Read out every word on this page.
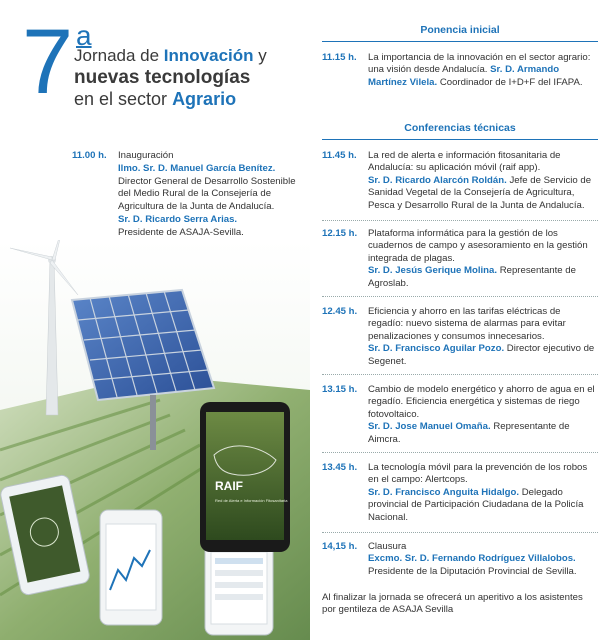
7 a
Jornada de Innovación y
nuevas tecnologías
en el sector Agrario
11.00 h. Inauguración
Ilmo. Sr. D. Manuel García Benítez.
Director General de Desarrollo Sostenible del Medio Rural de la Consejería de Agricultura de la Junta de Andalucía.
Sr. D. Ricardo Serra Arias.
Presidente de ASAJA-Sevilla.
RAIF
Red de Alerta e Información Fitosanitaria
Ponencia inicial
11.15 h. La importancia de la innovación en el sector agrario: una visión desde Andalucía. Sr. D. Armando Martínez Vilela. Coordinador de I+D+F del IFAPA.
Conferencias técnicas
11.45 h. La red de alerta e información fitosanitaria de Andalucía: su aplicación móvil (raif app).
Sr. D. Ricardo Alarcón Roldán. Jefe de Servicio de Sanidad Vegetal de la Consejería de Agricultura, Pesca y Desarrollo Rural de la Junta de Andalucía.
12.15 h. Plataforma informática para la gestión de los cuadernos de campo y asesoramiento en la gestión integrada de plagas.
Sr. D. Jesús Gerique Molina. Representante de Agroslab.
12.45 h. Eficiencia y ahorro en las tarifas eléctricas de regadío: nuevo sistema de alarmas para evitar penalizaciones y consumos innecesarios.
Sr. D. Francisco Aguilar Pozo. Director ejecutivo de Segenet.
13.15 h. Cambio de modelo energético y ahorro de agua en el regadío. Eficiencia energética y sistemas de riego fotovoltaico.
Sr. D. Jose Manuel Omaña. Representante de Aimcra.
13.45 h. La tecnología móvil para la prevención de los robos en el campo: Alertcops.
Sr. D. Francisco Anguita Hidalgo. Delegado provincial de Participación Ciudadana de la Policía Nacional.
14,15 h. Clausura
Excmo. Sr. D. Fernando Rodríguez Villalobos. Presidente de la Diputación Provincial de Sevilla.
Al finalizar la jornada se ofrecerá un aperitivo a los asistentes por gentileza de ASAJA Sevilla
